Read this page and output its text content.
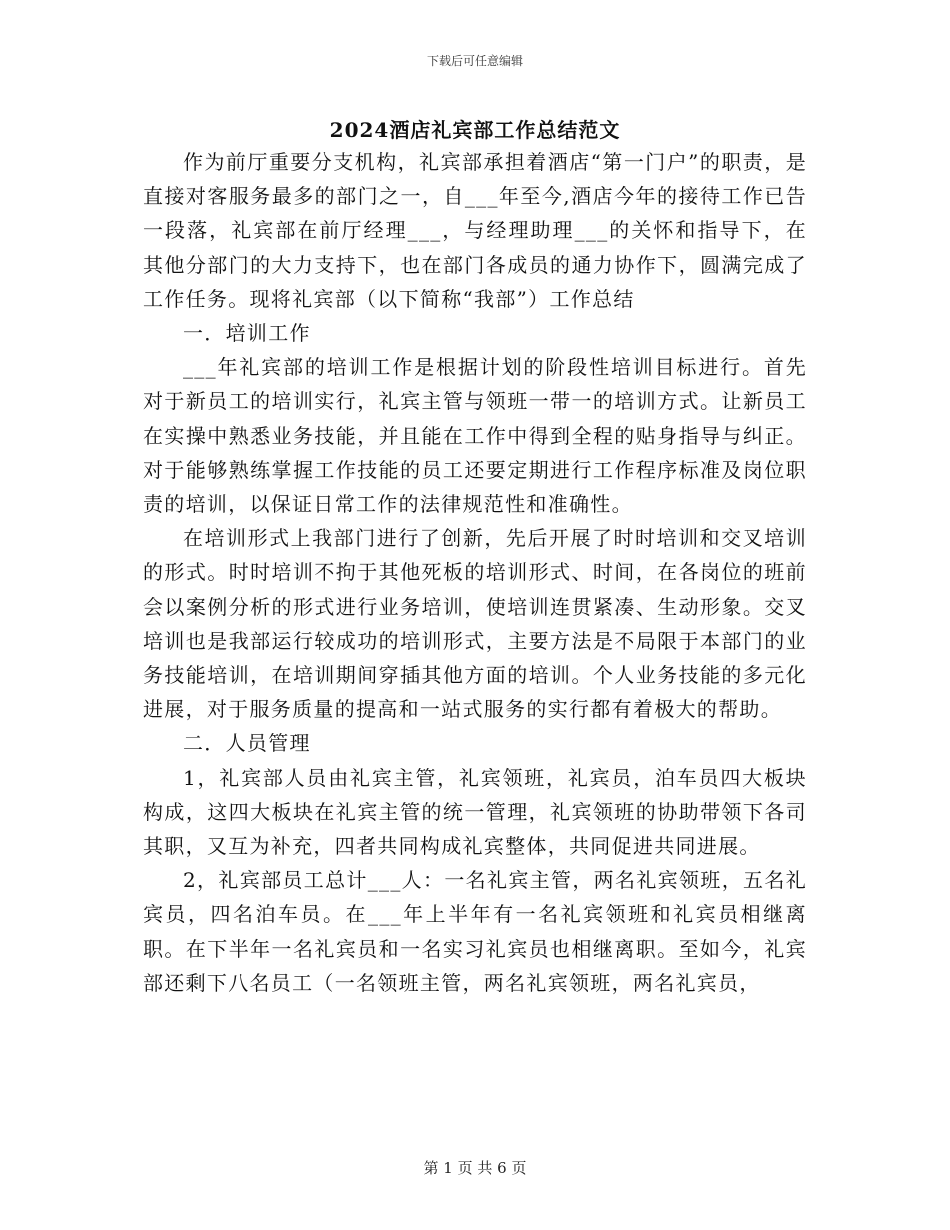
下载后可任意编辑
2024酒店礼宾部工作总结范文

作为前厅重要分支机构，礼宾部承担着酒店“第一门户”的职责，是直接对客服务最多的部门之一，自___年至今,酒店今年的接待工作已告一段落，礼宾部在前厅经理___，与经理助理___的关怀和指导下，在其他分部门的大力支持下，也在部门各成员的通力协作下，圆满完成了工作任务。现将礼宾部（以下简称“我部”）工作总结

一．培训工作

___年礼宾部的培训工作是根据计划的阶段性培训目标进行。首先对于新员工的培训实行，礼宾主管与领班一带一的培训方式。让新员工在实操中熟悉业务技能，并且能在工作中得到全程的贴身指导与纠正。对于能够熟练掌握工作技能的员工还要定期进行工作程序标准及岗位职责的培训，以保证日常工作的法律规范性和准确性。

在培训形式上我部门进行了创新，先后开展了时时培训和交叉培训的形式。时时培训不拘于其他死板的培训形式、时间，在各岗位的班前会以案例分析的形式进行业务培训，使培训连贯紧凑、生动形象。交叉培训也是我部运行较成功的培训形式，主要方法是不局限于本部门的业务技能培训，在培训期间穿插其他方面的培训。个人业务技能的多元化进展，对于服务质量的提高和一站式服务的实行都有着极大的帮助。

二．人员管理

1，礼宾部人员由礼宾主管，礼宾领班，礼宾员，泊车员四大板块构成，这四大板块在礼宾主管的统一管理，礼宾领班的协助带领下各司其职，又互为补充，四者共同构成礼宾整体，共同促进共同进展。

2，礼宾部员工总计___人：一名礼宾主管，两名礼宾领班，五名礼宾员，四名泊车员。在___年上半年有一名礼宾领班和礼宾员相继离职。在下半年一名礼宾员和一名实习礼宾员也相继离职。至如今，礼宾部还剩下八名员工（一名领班主管，两名礼宾领班，两名礼宾员，

第 1 页 共 6 页
